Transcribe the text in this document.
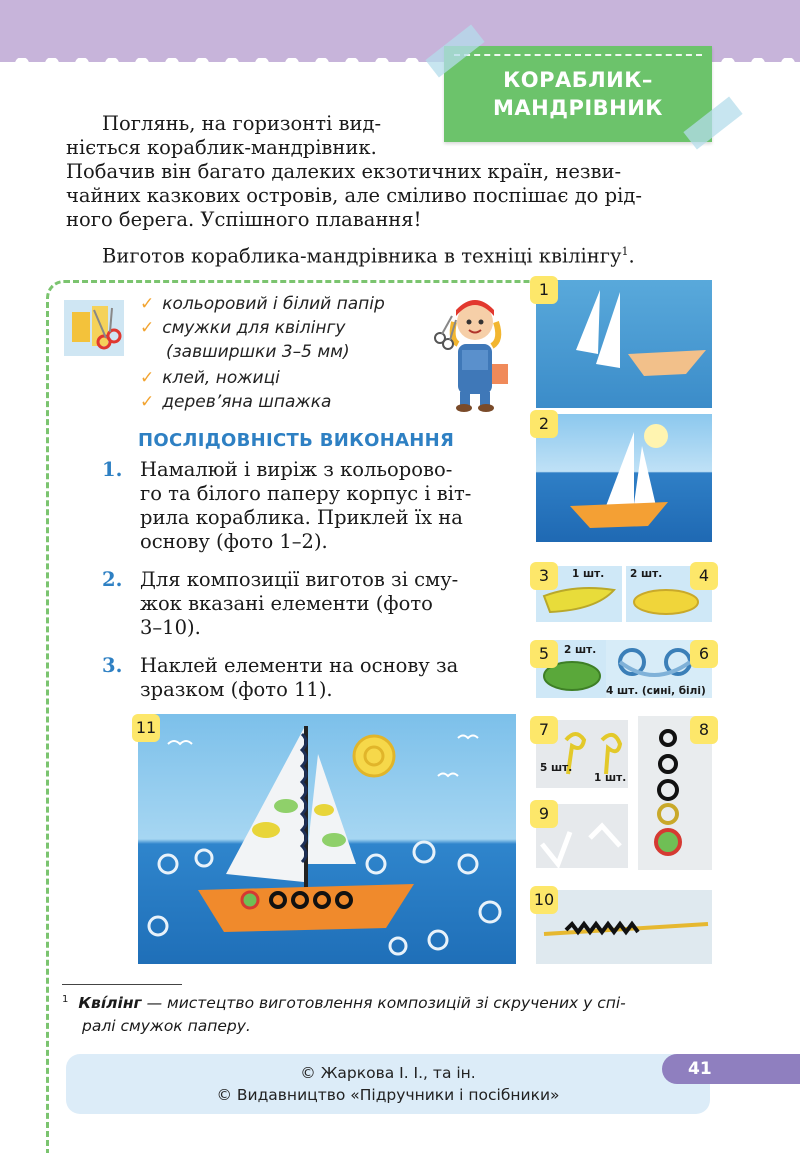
КОРАБЛИК–
МАНДРІВНИК
Поглянь, на горизонті вид-
ніється кораблик-мандрівник.
Побачив він багато далеких екзотичних країн, незви-
чайних казкових островів, але сміливо поспішає до рід-
ного берега. Успішного плавання!
Виготов кораблика-мандрівника в техніці квілінгу$^1$.
✓ кольоровий і білий папір
✓ смужки для квілінгу
(завширшки 3–5 мм)
✓ клей, ножиці
✓ дерев’яна шпажка
ПОСЛІДОВНІСТЬ ВИКОНАННЯ
1. Намалюй і виріж з кольорово-
го та білого паперу корпус і віт-
рила кораблика. Приклей їх на
основу (фото 1–2).
2. Для композиції виготов зі сму-
жок вказані елементи (фото
3–10).
3. Наклей елементи на основу за
зразком (фото 11).
1
2
3	1 шт.	4
2 шт.
5	2 шт.	6
4 шт. (сині, білі)
7
5 шт.
1 шт.
8
9
10
11
$^1$ Кві́лінг — мистецтво виготовлення композицій зі скручених у спі-
ралі смужок паперу.
© Жаркова І. І., та ін.
© Видавництво «Підручники і посібники»
41
